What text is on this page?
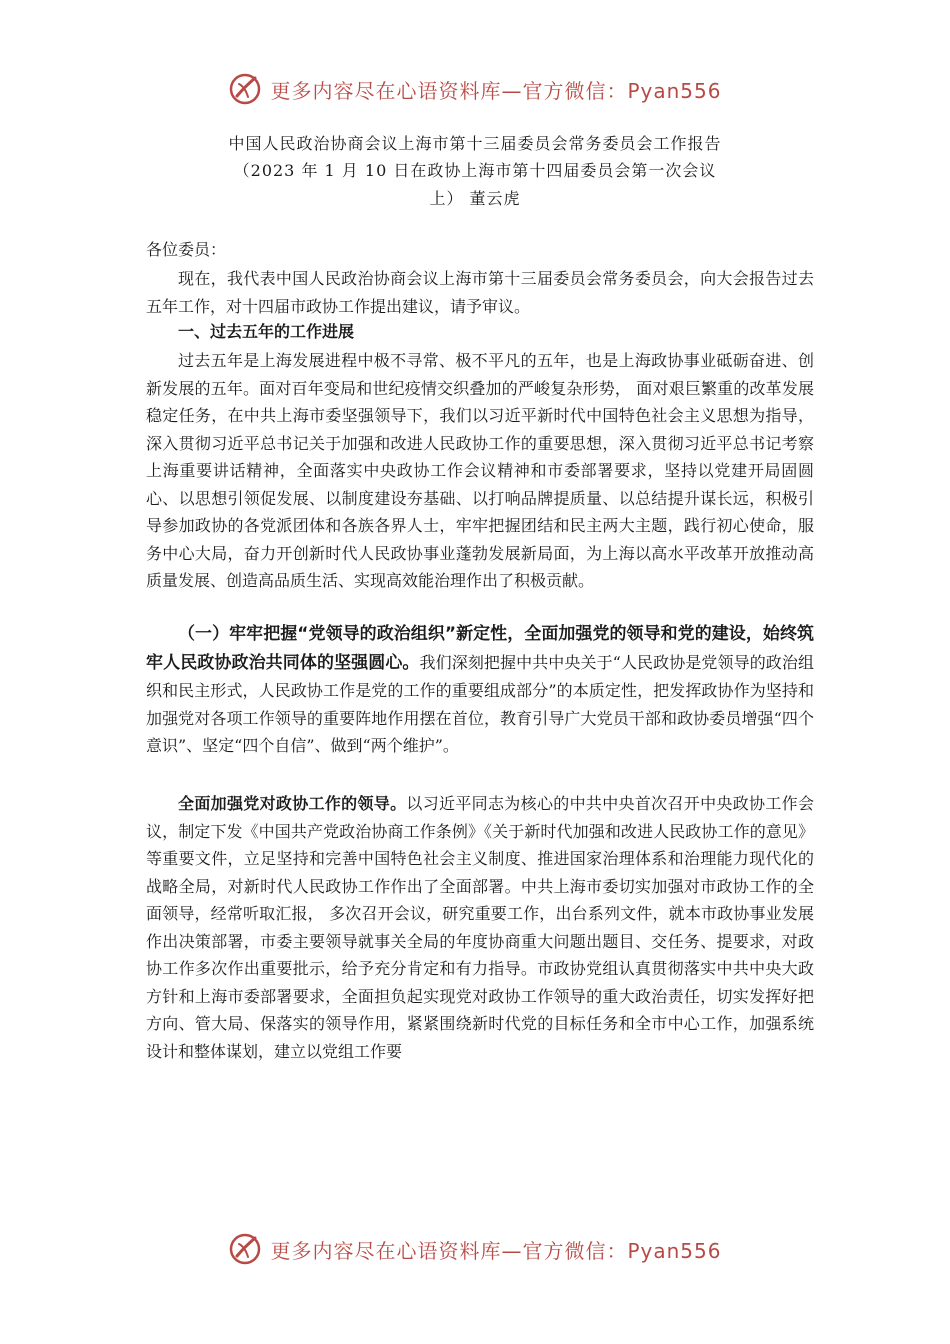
更多内容尽在心语资料库—官方微信：Pyan556
中国人民政治协商会议上海市第十三届委员会常务委员会工作报告
（2023 年 1 月 10 日在政协上海市第十四届委员会第一次会议
上） 董云虎
各位委员：

现在，我代表中国人民政治协商会议上海市第十三届委员会常务委员会，向大会报告过去五年工作，对十四届市政协工作提出建议，请予审议。

一、过去五年的工作进展

过去五年是上海发展进程中极不寻常、极不平凡的五年，也是上海政协事业砥砺奋进、创新发展的五年。面对百年变局和世纪疫情交织叠加的严峻复杂形势， 面对艰巨繁重的改革发展稳定任务，在中共上海市委坚强领导下，我们以习近平新时代中国特色社会主义思想为指导，深入贯彻习近平总书记关于加强和改进人民政协工作的重要思想，深入贯彻习近平总书记考察上海重要讲话精神，全面落实中央政协工作会议精神和市委部署要求，坚持以党建开局固圆心、以思想引领促发展、以制度建设夯基础、以打响品牌提质量、以总结提升谋长远，积极引导参加政协的各党派团体和各族各界人士，牢牢把握团结和民主两大主题，践行初心使命，服务中心大局，奋力开创新时代人民政协事业蓬勃发展新局面，为上海以高水平改革开放推动高质量发展、创造高品质生活、实现高效能治理作出了积极贡献。

（一）牢牢把握“党领导的政治组织”新定性，全面加强党的领导和党的建设，始终筑牢人民政协政治共同体的坚强圆心。我们深刻把握中共中央关于“人民政协是党领导的政治组织和民主形式，人民政协工作是党的工作的重要组成部分”的本质定性，把发挥政协作为坚持和加强党对各项工作领导的重要阵地作用摆在首位，教育引导广大党员干部和政协委员增强“四个意识”、坚定“四个自信”、做到“两个维护”。

全面加强党对政协工作的领导。以习近平同志为核心的中共中央首次召开中央政协工作会议，制定下发《中国共产党政治协商工作条例》《关于新时代加强和改进人民政协工作的意见》等重要文件，立足坚持和完善中国特色社会主义制度、推进国家治理体系和治理能力现代化的战略全局，对新时代人民政协工作作出了全面部署。中共上海市委切实加强对市政协工作的全面领导，经常听取汇报， 多次召开会议，研究重要工作，出台系列文件，就本市政协事业发展作出决策部署，市委主要领导就事关全局的年度协商重大问题出题目、交任务、提要求，对政协工作多次作出重要批示，给予充分肯定和有力指导。市政协党组认真贯彻落实中共中央大政方针和上海市委部署要求，全面担负起实现党对政协工作领导的重大政治责任，切实发挥好把方向、管大局、保落实的领导作用，紧紧围绕新时代党的目标任务和全市中心工作，加强系统设计和整体谋划，建立以党组工作要

更多内容尽在心语资料库—官方微信：Pyan556
